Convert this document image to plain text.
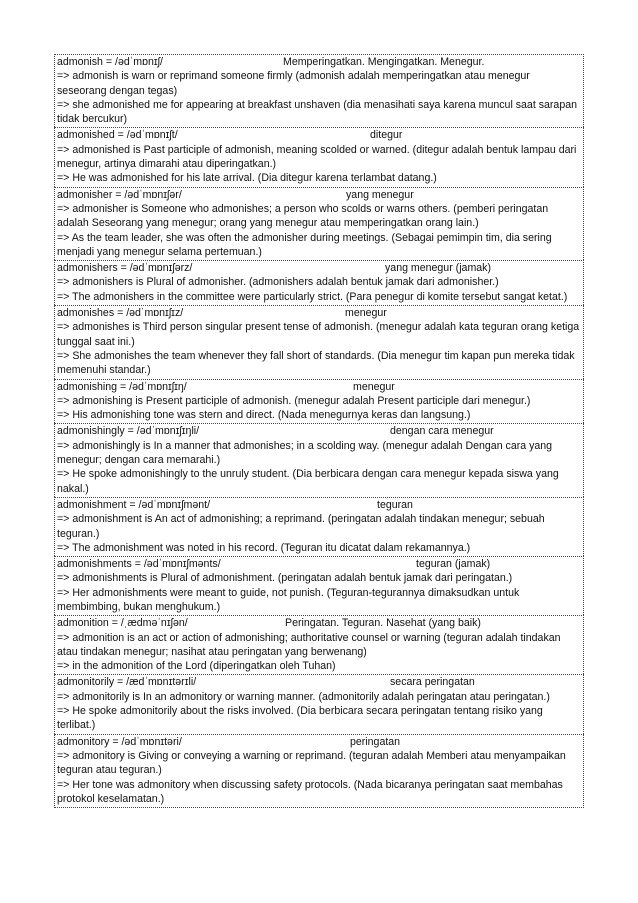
admonish = /ədˈmɒnɪʃ/	Memperingatkan. Mengingatkan. Menegur.
=> admonish is warn or reprimand someone firmly (admonish adalah memperingatkan atau menegur seseorang dengan tegas)
=> she admonished me for appearing at breakfast unshaven (dia menasihati saya karena muncul saat sarapan
tidak bercukur)
admonished = /ədˈmɒnɪʃt/	ditegur
=> admonished is Past participle of admonish, meaning scolded or warned. (ditegur adalah bentuk lampau dari menegur, artinya dimarahi atau diperingatkan.)
=> He was admonished for his late arrival. (Dia ditegur karena terlambat datang.)
admonisher = /ədˈmɒnɪʃər/	yang menegur
=> admonisher is Someone who admonishes; a person who scolds or warns others. (pemberi peringatan adalah Seseorang yang menegur; orang yang menegur atau memperingatkan orang lain.)
=> As the team leader, she was often the admonisher during meetings. (Sebagai pemimpin tim, dia sering menjadi yang menegur selama pertemuan.)
admonishers = /ədˈmɒnɪʃərz/	yang menegur (jamak)
=> admonishers is Plural of admonisher. (admonishers adalah bentuk jamak dari admonisher.)
=> The admonishers in the committee were particularly strict. (Para penegur di komite tersebut sangat ketat.)
admonishes = /ədˈmɒnɪʃɪz/	menegur
=> admonishes is Third person singular present tense of admonish. (menegur adalah kata teguran orang ketiga tunggal saat ini.)
=> She admonishes the team whenever they fall short of standards. (Dia menegur tim kapan pun mereka tidak memenuhi standar.)
admonishing = /ədˈmɒnɪʃɪŋ/	menegur
=> admonishing is Present participle of admonish. (menegur adalah Present participle dari menegur.)
=> His admonishing tone was stern and direct. (Nada menegurnya keras dan langsung.)
admonishingly = /ədˈmɒnɪʃɪŋli/	dengan cara menegur
=> admonishingly is In a manner that admonishes; in a scolding way. (menegur adalah Dengan cara yang menegur; dengan cara memarahi.)
=> He spoke admonishingly to the unruly student. (Dia berbicara dengan cara menegur kepada siswa yang nakal.)
admonishment = /ədˈmɒnɪʃmənt/	teguran
=> admonishment is An act of admonishing; a reprimand. (peringatan adalah tindakan menegur; sebuah teguran.)
=> The admonishment was noted in his record. (Teguran itu dicatat dalam rekamannya.)
admonishments = /ədˈmɒnɪʃmənts/	teguran (jamak)
=> admonishments is Plural of admonishment. (peringatan adalah bentuk jamak dari peringatan.)
=> Her admonishments were meant to guide, not punish. (Teguran-tegurannya dimaksudkan untuk membimbing, bukan menghukum.)
admonition = /ˌædməˈnɪʃən/	Peringatan. Teguran. Nasehat (yang baik)
=> admonition is an act or action of admonishing; authoritative counsel or warning (teguran adalah tindakan atau tindakan menegur; nasihat atau peringatan yang berwenang)
=> in the admonition of the Lord (diperingatkan oleh Tuhan)
admonitorily = /ædˈmɒnɪtərɪli/	secara peringatan
=> admonitorily is In an admonitory or warning manner. (admonitorily adalah peringatan atau peringatan.)
=> He spoke admonitorily about the risks involved. (Dia berbicara secara peringatan tentang risiko yang terlibat.)
admonitory = /ədˈmɒnɪtəri/	peringatan
=> admonitory is Giving or conveying a warning or reprimand. (teguran adalah Memberi atau menyampaikan teguran atau teguran.)
=> Her tone was admonitory when discussing safety protocols. (Nada bicaranya peringatan saat membahas protokol keselamatan.)
